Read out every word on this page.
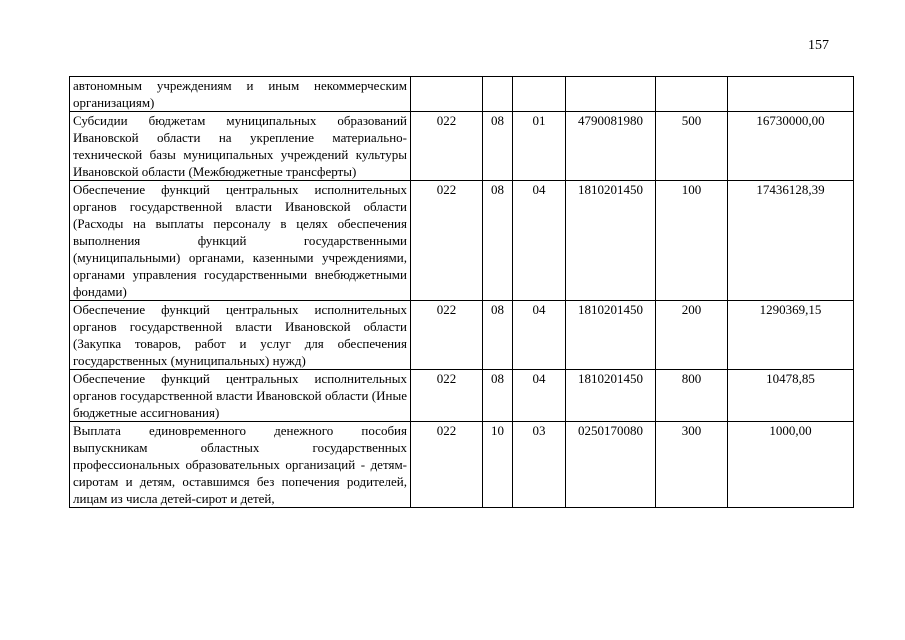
157
автономным учреждениям и иным некоммерческим организациям)						
Субсидии бюджетам муниципальных образований Ивановской области на укрепление материально-технической базы муниципальных учреждений культуры Ивановской области (Межбюджетные трансферты)	022	08	01	4790081980	500	16730000,00
Обеспечение функций центральных исполнительных органов государственной власти Ивановской области (Расходы на выплаты персоналу в целях обеспечения выполнения функций государственными (муниципальными) органами, казенными учреждениями, органами управления государственными внебюджетными фондами)	022	08	04	1810201450	100	17436128,39
Обеспечение функций центральных исполнительных органов государственной власти Ивановской области (Закупка товаров, работ и услуг для обеспечения государственных (муниципальных) нужд)	022	08	04	1810201450	200	1290369,15
Обеспечение функций центральных исполнительных органов государственной власти Ивановской области (Иные бюджетные ассигнования)	022	08	04	1810201450	800	10478,85
Выплата единовременного денежного пособия выпускникам областных государственных профессиональных образовательных организаций - детям-сиротам и детям, оставшимся без попечения родителей, лицам из числа детей-сирот и детей,	022	10	03	0250170080	300	1000,00
